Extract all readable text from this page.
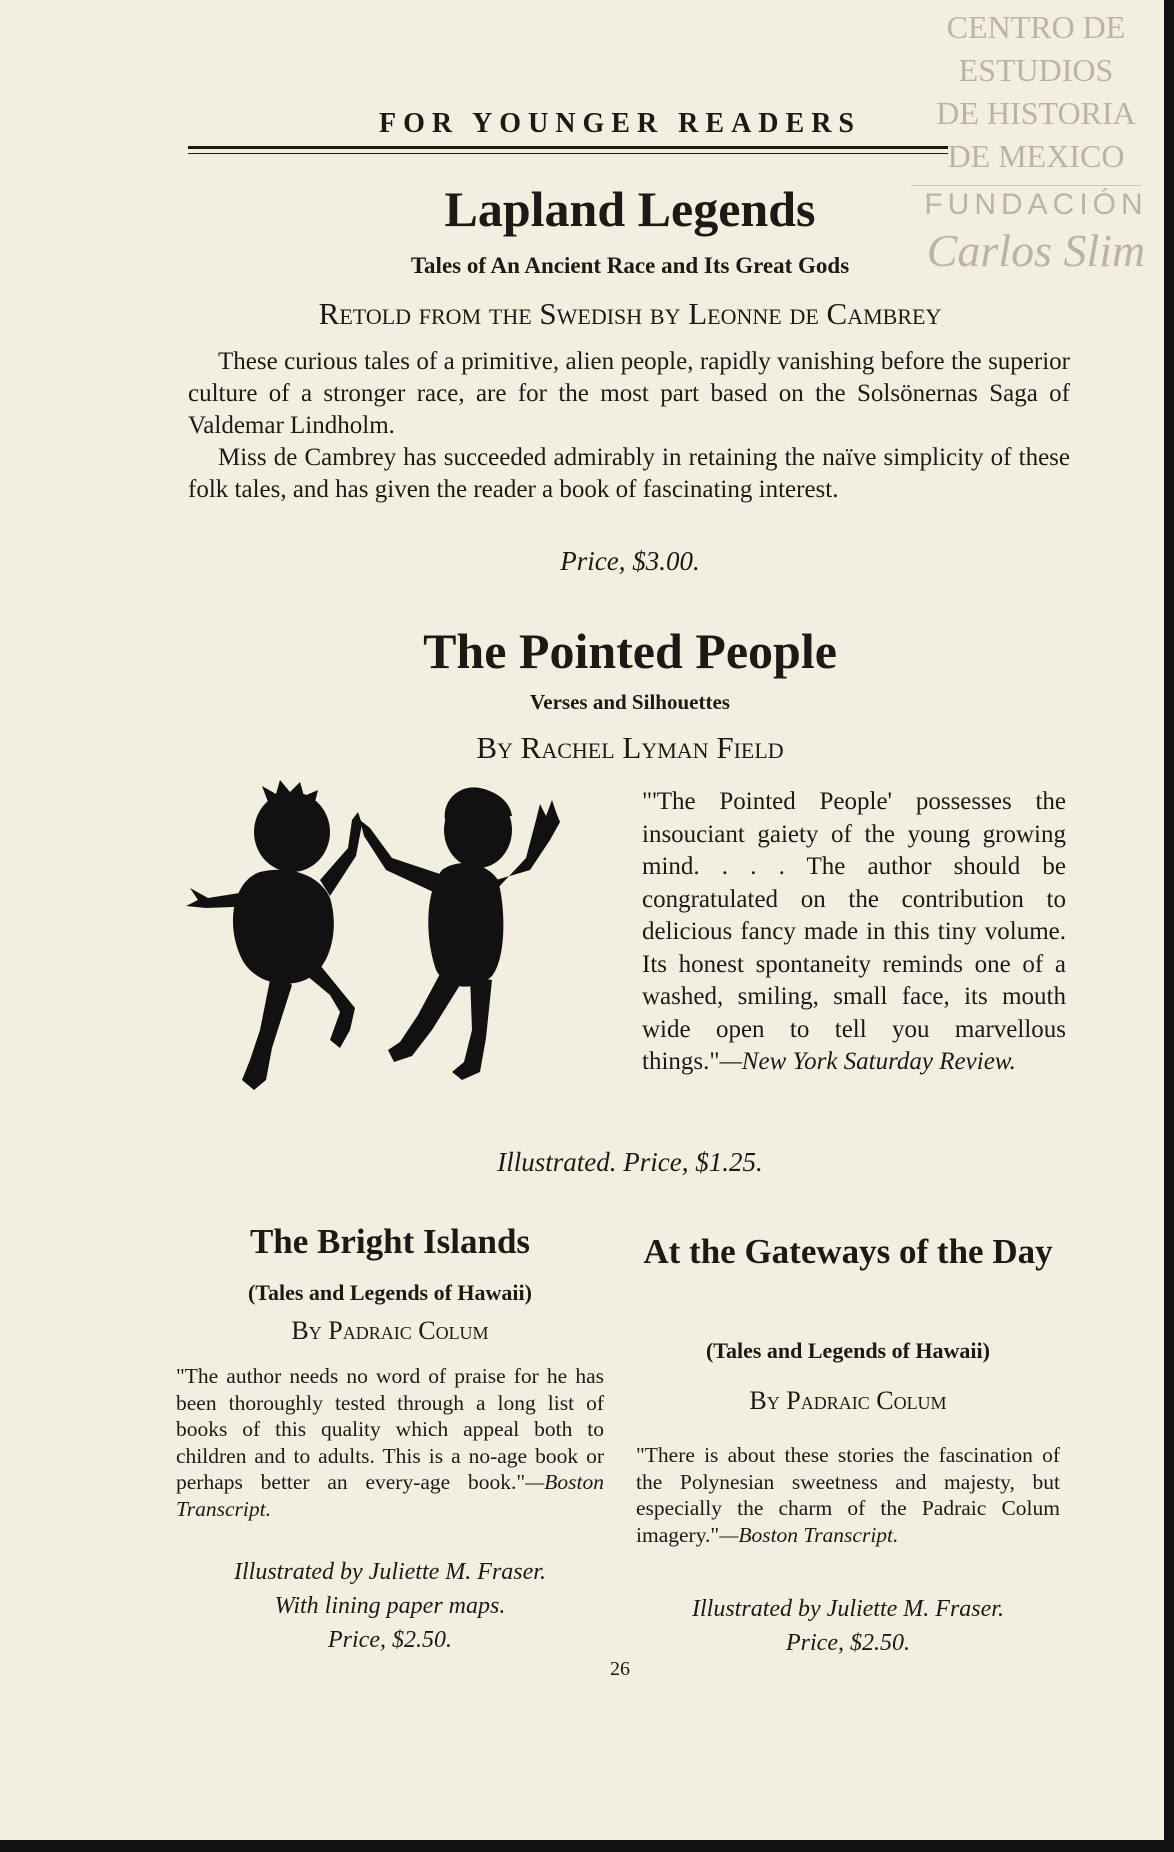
CENTRO DE
ESTUDIOS
DE HISTORIA
DE MEXICO
FUNDACIÓN
Carlos Slim
FOR YOUNGER READERS
Lapland Legends
Tales of An Ancient Race and Its Great Gods
Retold from the Swedish by Leonne de Cambrey

These curious tales of a primitive, alien people, rapidly vanishing before the superior culture of a stronger race, are for the most part based on the Solsönernas Saga of Valdemar Lindholm.

Miss de Cambrey has succeeded admirably in retaining the naïve simplicity of these folk tales, and has given the reader a book of fascinating interest.

Price, $3.00.
The Pointed People
Verses and Silhouettes
By Rachel Lyman Field
"'The Pointed People' possesses the insouciant gaiety of the young growing mind. . . . The author should be congratulated on the contribution to delicious fancy made in this tiny volume. Its honest spontaneity reminds one of a washed, smiling, small face, its mouth wide open to tell you marvellous things."—New York Saturday Review.
Illustrated. Price, $1.25.
The Bright Islands
(Tales and Legends of Hawaii)
By Padraic Colum
"The author needs no word of praise for he has been thoroughly tested through a long list of books of this quality which appeal both to children and to adults. This is a no-age book or perhaps better an every-age book."—Boston Transcript.
Illustrated by Juliette M. Fraser.
With lining paper maps.
Price, $2.50.
At the Gateways of the Day
(Tales and Legends of Hawaii)
By Padraic Colum
"There is about these stories the fascination of the Polynesian sweetness and majesty, but especially the charm of the Padraic Colum imagery."—Boston Transcript.
Illustrated by Juliette M. Fraser.
Price, $2.50.
26
